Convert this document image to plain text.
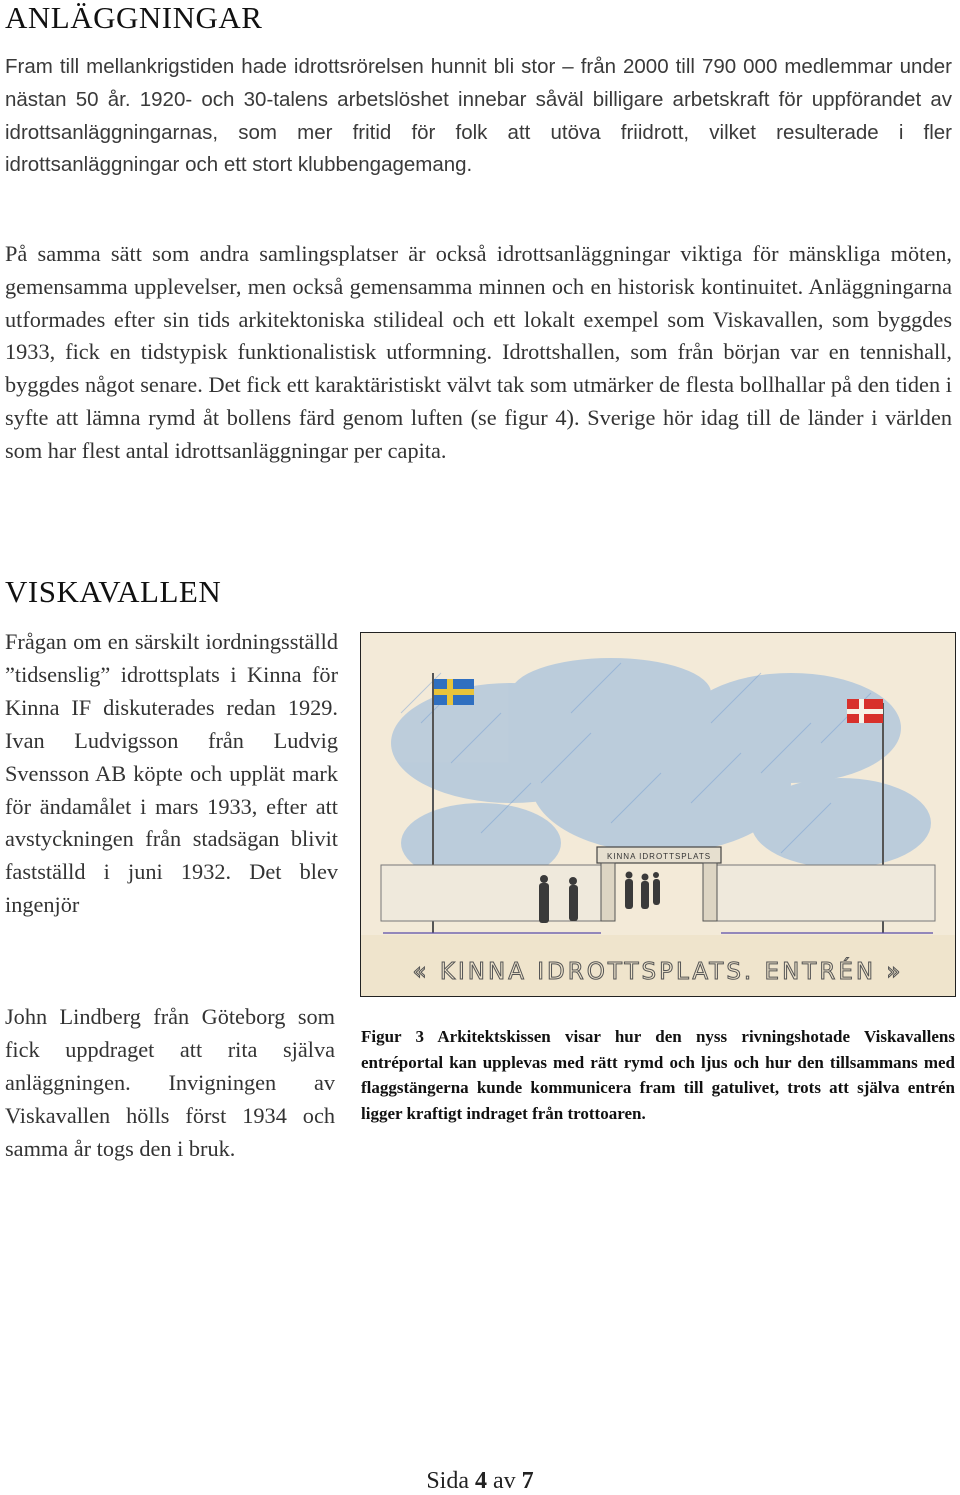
ANLÄGGNINGAR

Fram till mellankrigstiden hade idrottsrörelsen hunnit bli stor – från 2000 till 790 000 medlemmar under nästan 50 år. 1920- och 30-talens arbetslöshet innebar såväl billigare arbetskraft för uppförandet av idrottsanläggningarnas, som mer fritid för folk att utöva friidrott, vilket resulterade i fler idrottsanläggningar och ett stort klubbengagemang.

På samma sätt som andra samlingsplatser är också idrottsanläggningar viktiga för mänskliga möten, gemensamma upplevelser, men också gemensamma minnen och en historisk kontinuitet. Anläggningarna utformades efter sin tids arkitektoniska stilideal och ett lokalt exempel som Viskavallen, som byggdes 1933, fick en tidstypisk funktionalistisk utformning. Idrottshallen, som från början var en tennishall, byggdes något senare. Det fick ett karaktäristiskt välvt tak som utmärker de flesta bollhallar på den tiden i syfte att lämna rymd åt bollens färd genom luften (se figur 4). Sverige hör idag till de länder i världen som har flest antal idrottsanläggningar per capita.

VISKAVALLEN

Frågan om en särskilt iordningsställd ”tidsenslig” idrottsplats i Kinna för Kinna IF diskuterades redan 1929. Ivan Ludvigsson från Ludvig Svensson AB köpte och upplät mark för ändamålet i mars 1933, efter att avstyckningen från stadsägan blivit fastställd i juni 1932. Det blev ingenjör

John Lindberg från Göteborg som fick uppdraget att rita själva anläggningen. Invigningen av Viskavallen hölls först 1934 och samma år togs den i bruk.

KINNA IDROTTSPLATS
« KINNA IDROTTSPLATS. ENTRÉN »

Figur 3 Arkitektskissen visar hur den nyss rivningshotade Viskavallens entréportal kan upplevas med rätt rymd och ljus och hur den tillsammans med flaggstängerna kunde kommunicera fram till gatulivet, trots att själva entrén ligger kraftigt indraget från trottoaren.

Sida 4 av 7
